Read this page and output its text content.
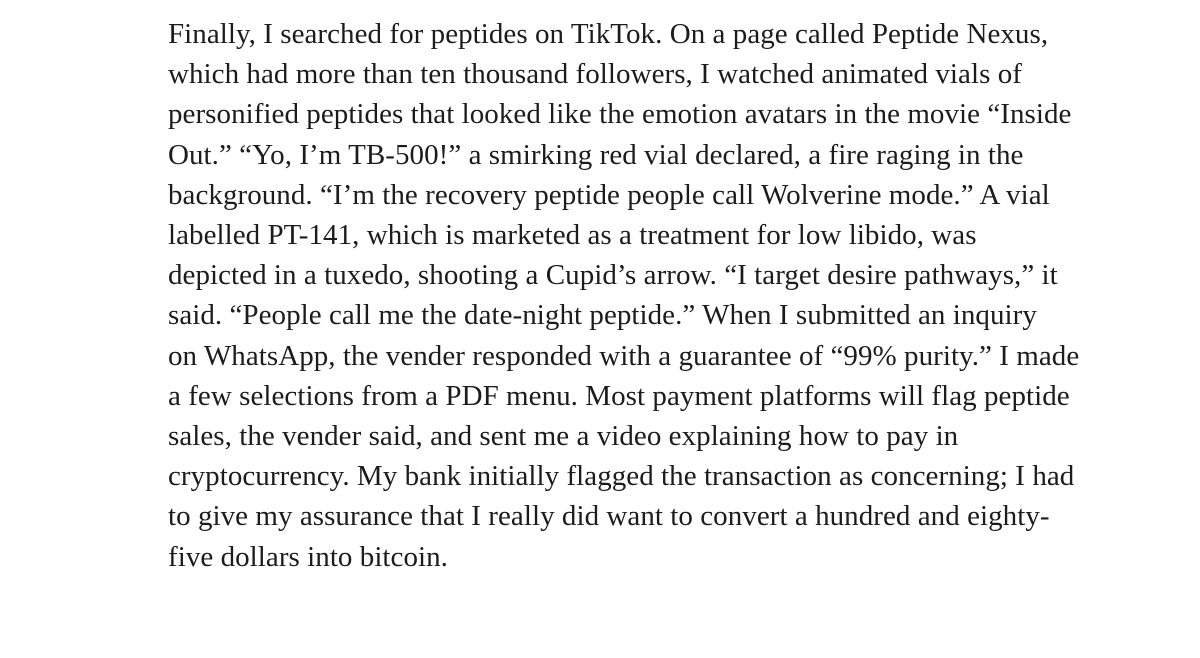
Finally, I searched for peptides on TikTok. On a page called Peptide Nexus,
which had more than ten thousand followers, I watched animated vials of
personified peptides that looked like the emotion avatars in the movie “Inside
Out.” “Yo, I’m TB-500!” a smirking red vial declared, a fire raging in the
background. “I’m the recovery peptide people call Wolverine mode.” A vial
labelled PT-141, which is marketed as a treatment for low libido, was
depicted in a tuxedo, shooting a Cupid’s arrow. “I target desire pathways,” it
said. “People call me the date-night peptide.” When I submitted an inquiry
on WhatsApp, the vender responded with a guarantee of “99% purity.” I made
a few selections from a PDF menu. Most payment platforms will flag peptide
sales, the vender said, and sent me a video explaining how to pay in
cryptocurrency. My bank initially flagged the transaction as concerning; I had
to give my assurance that I really did want to convert a hundred and eighty-
five dollars into bitcoin.
